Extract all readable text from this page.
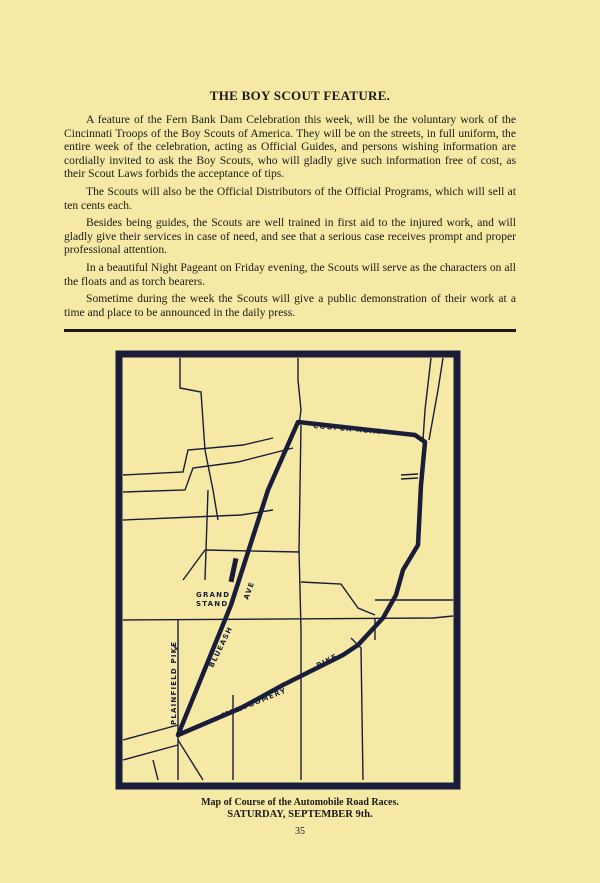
THE BOY SCOUT FEATURE.

A feature of the Fern Bank Dam Celebration this week, will be the voluntary work of the Cincinnati Troops of the Boy Scouts of America. They will be on the streets, in full uniform, the entire week of the celebration, acting as Official Guides, and persons wishing information are cordially invited to ask the Boy Scouts, who will gladly give such information free of cost, as their Scout Laws forbids the acceptance of tips.

The Scouts will also be the Official Distributors of the Official Programs, which will sell at ten cents each.

Besides being guides, the Scouts are well trained in first aid to the injured work, and will gladly give their services in case of need, and see that a serious case receives prompt and proper professional attention.

In a beautiful Night Pageant on Friday evening, the Scouts will serve as the characters on all the floats and as torch bearers.

Sometime during the week the Scouts will give a public demonstration of their work at a time and place to be announced in the daily press.

COOPER ROAD
GRAND
STAND
AVE
BLUEASH
PLAINFIELD PIKE	MONTGOMERY
PIKE
Map of Course of the Automobile Road Races.
SATURDAY, SEPTEMBER 9th.
35
